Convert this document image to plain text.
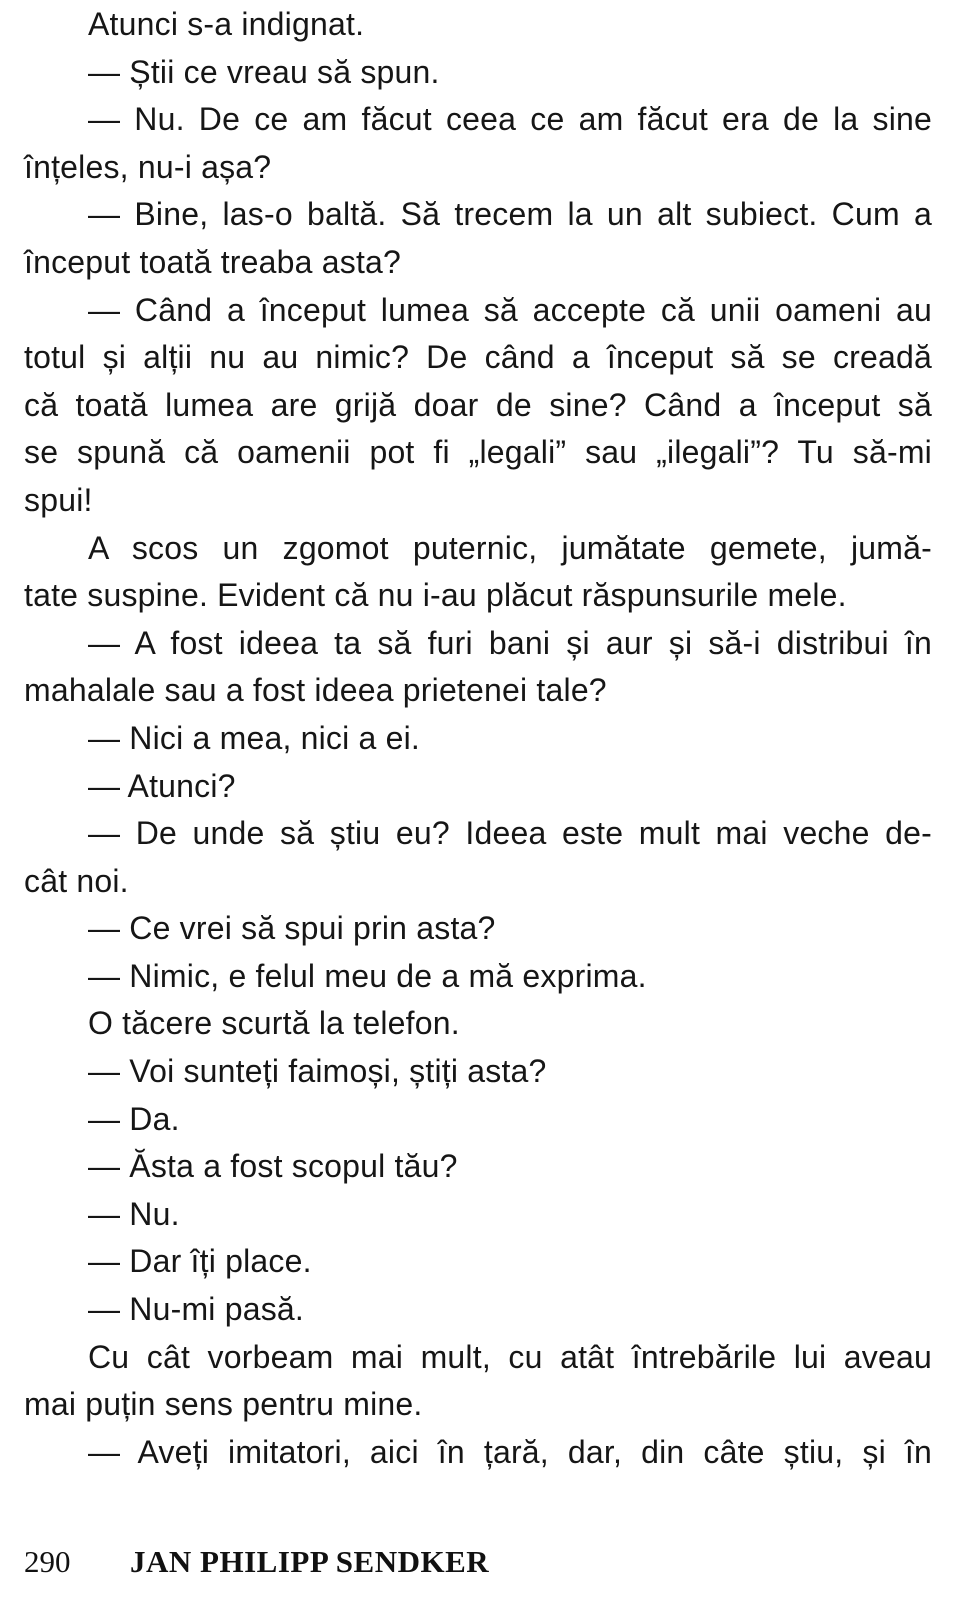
Atunci s-a indignat.
— Știi ce vreau să spun.
— Nu. De ce am făcut ceea ce am făcut era de la sine
înțeles, nu-i așa?
— Bine, las-o baltă. Să trecem la un alt subiect. Cum a
început toată treaba asta?
— Când a început lumea să accepte că unii oameni au
totul și alții nu au nimic? De când a început să se creadă
că toată lumea are grijă doar de sine? Când a început să
se spună că oamenii pot fi „legali” sau „ilegali”? Tu să-mi
spui!
A scos un zgomot puternic, jumătate gemete, jumă-
tate suspine. Evident că nu i-au plăcut răspunsurile mele.
— A fost ideea ta să furi bani și aur și să-i distribui în
mahalale sau a fost ideea prietenei tale?
— Nici a mea, nici a ei.
— Atunci?
— De unde să știu eu? Ideea este mult mai veche de-
cât noi.
— Ce vrei să spui prin asta?
— Nimic, e felul meu de a mă exprima.
O tăcere scurtă la telefon.
— Voi sunteți faimoși, știți asta?
— Da.
— Ăsta a fost scopul tău?
— Nu.
— Dar îți place.
— Nu-mi pasă.
Cu cât vorbeam mai mult, cu atât întrebările lui aveau
mai puțin sens pentru mine.
— Aveți imitatori, aici în țară, dar, din câte știu, și în
290 JAN PHILIPP SENDKER
